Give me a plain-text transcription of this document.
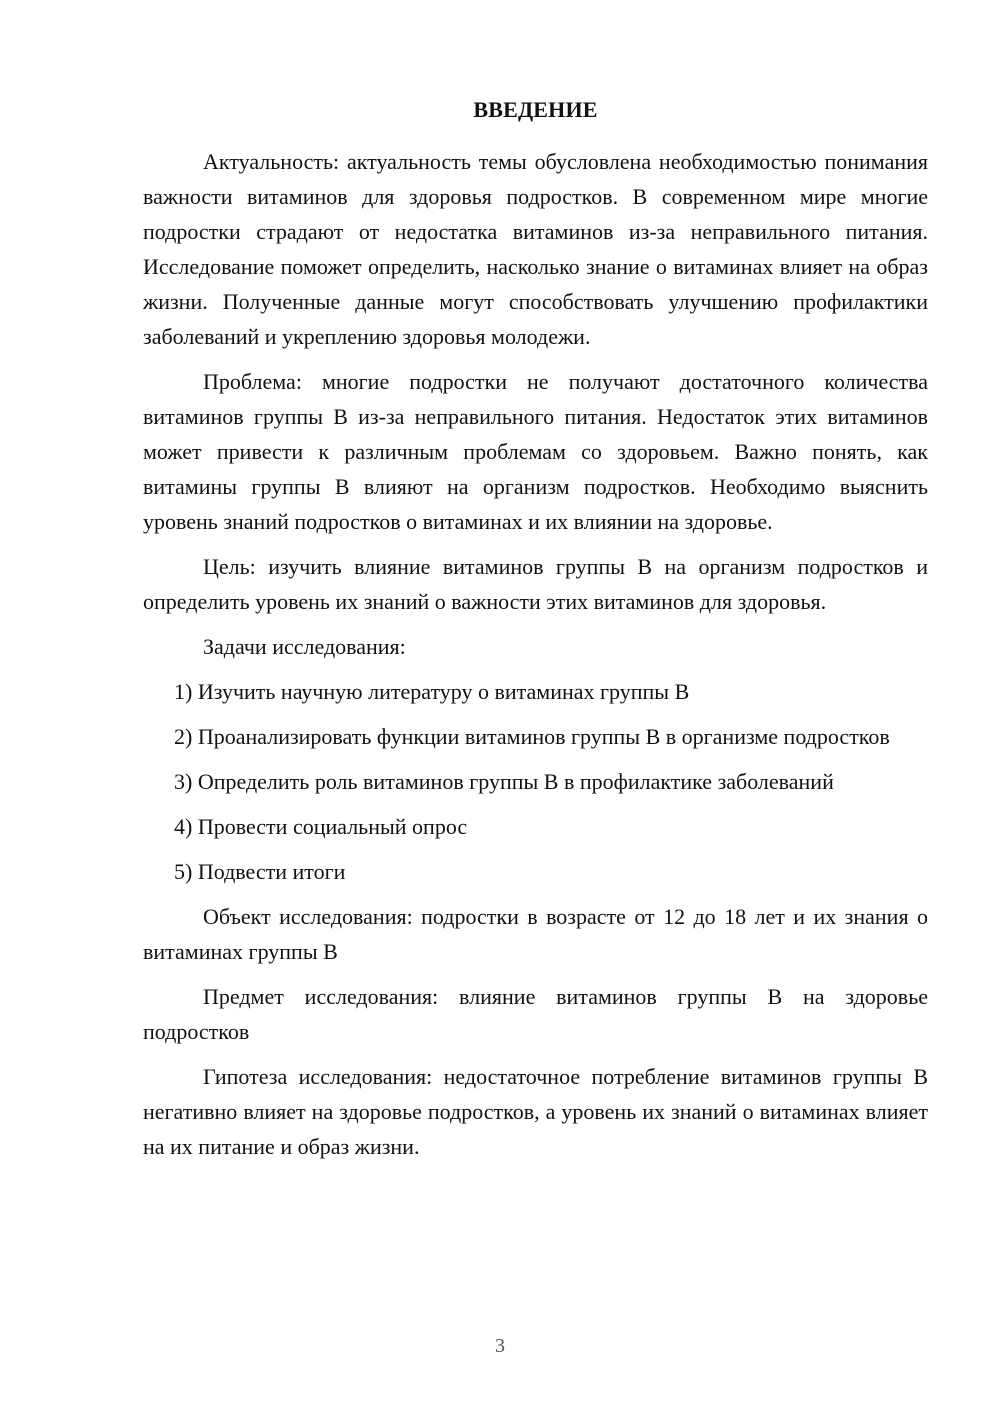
ВВЕДЕНИЕ

Актуальность: актуальность темы обусловлена необходимостью понимания важности витаминов для здоровья подростков. В современном мире многие подростки страдают от недостатка витаминов из-за неправильного питания. Исследование поможет определить, насколько знание о витаминах влияет на образ жизни. Полученные данные могут способствовать улучшению профилактики заболеваний и укреплению здоровья молодежи.

Проблема: многие подростки не получают достаточного количества витаминов группы В из-за неправильного питания. Недостаток этих витаминов может привести к различным проблемам со здоровьем. Важно понять, как витамины группы В влияют на организм подростков. Необходимо выяснить уровень знаний подростков о витаминах и их влиянии на здоровье.

Цель: изучить влияние витаминов группы В на организм подростков и определить уровень их знаний о важности этих витаминов для здоровья.

Задачи исследования:

1) Изучить научную литературу о витаминах группы В

2) Проанализировать функции витаминов группы В в организме подростков

3) Определить роль витаминов группы В в профилактике заболеваний

4) Провести социальный опрос

5) Подвести итоги

Объект исследования: подростки в возрасте от 12 до 18 лет и их знания о витаминах группы В

Предмет исследования: влияние витаминов группы В на здоровье подростков

Гипотеза исследования: недостаточное потребление витаминов группы В негативно влияет на здоровье подростков, а уровень их знаний о витаминах влияет на их питание и образ жизни.

3
